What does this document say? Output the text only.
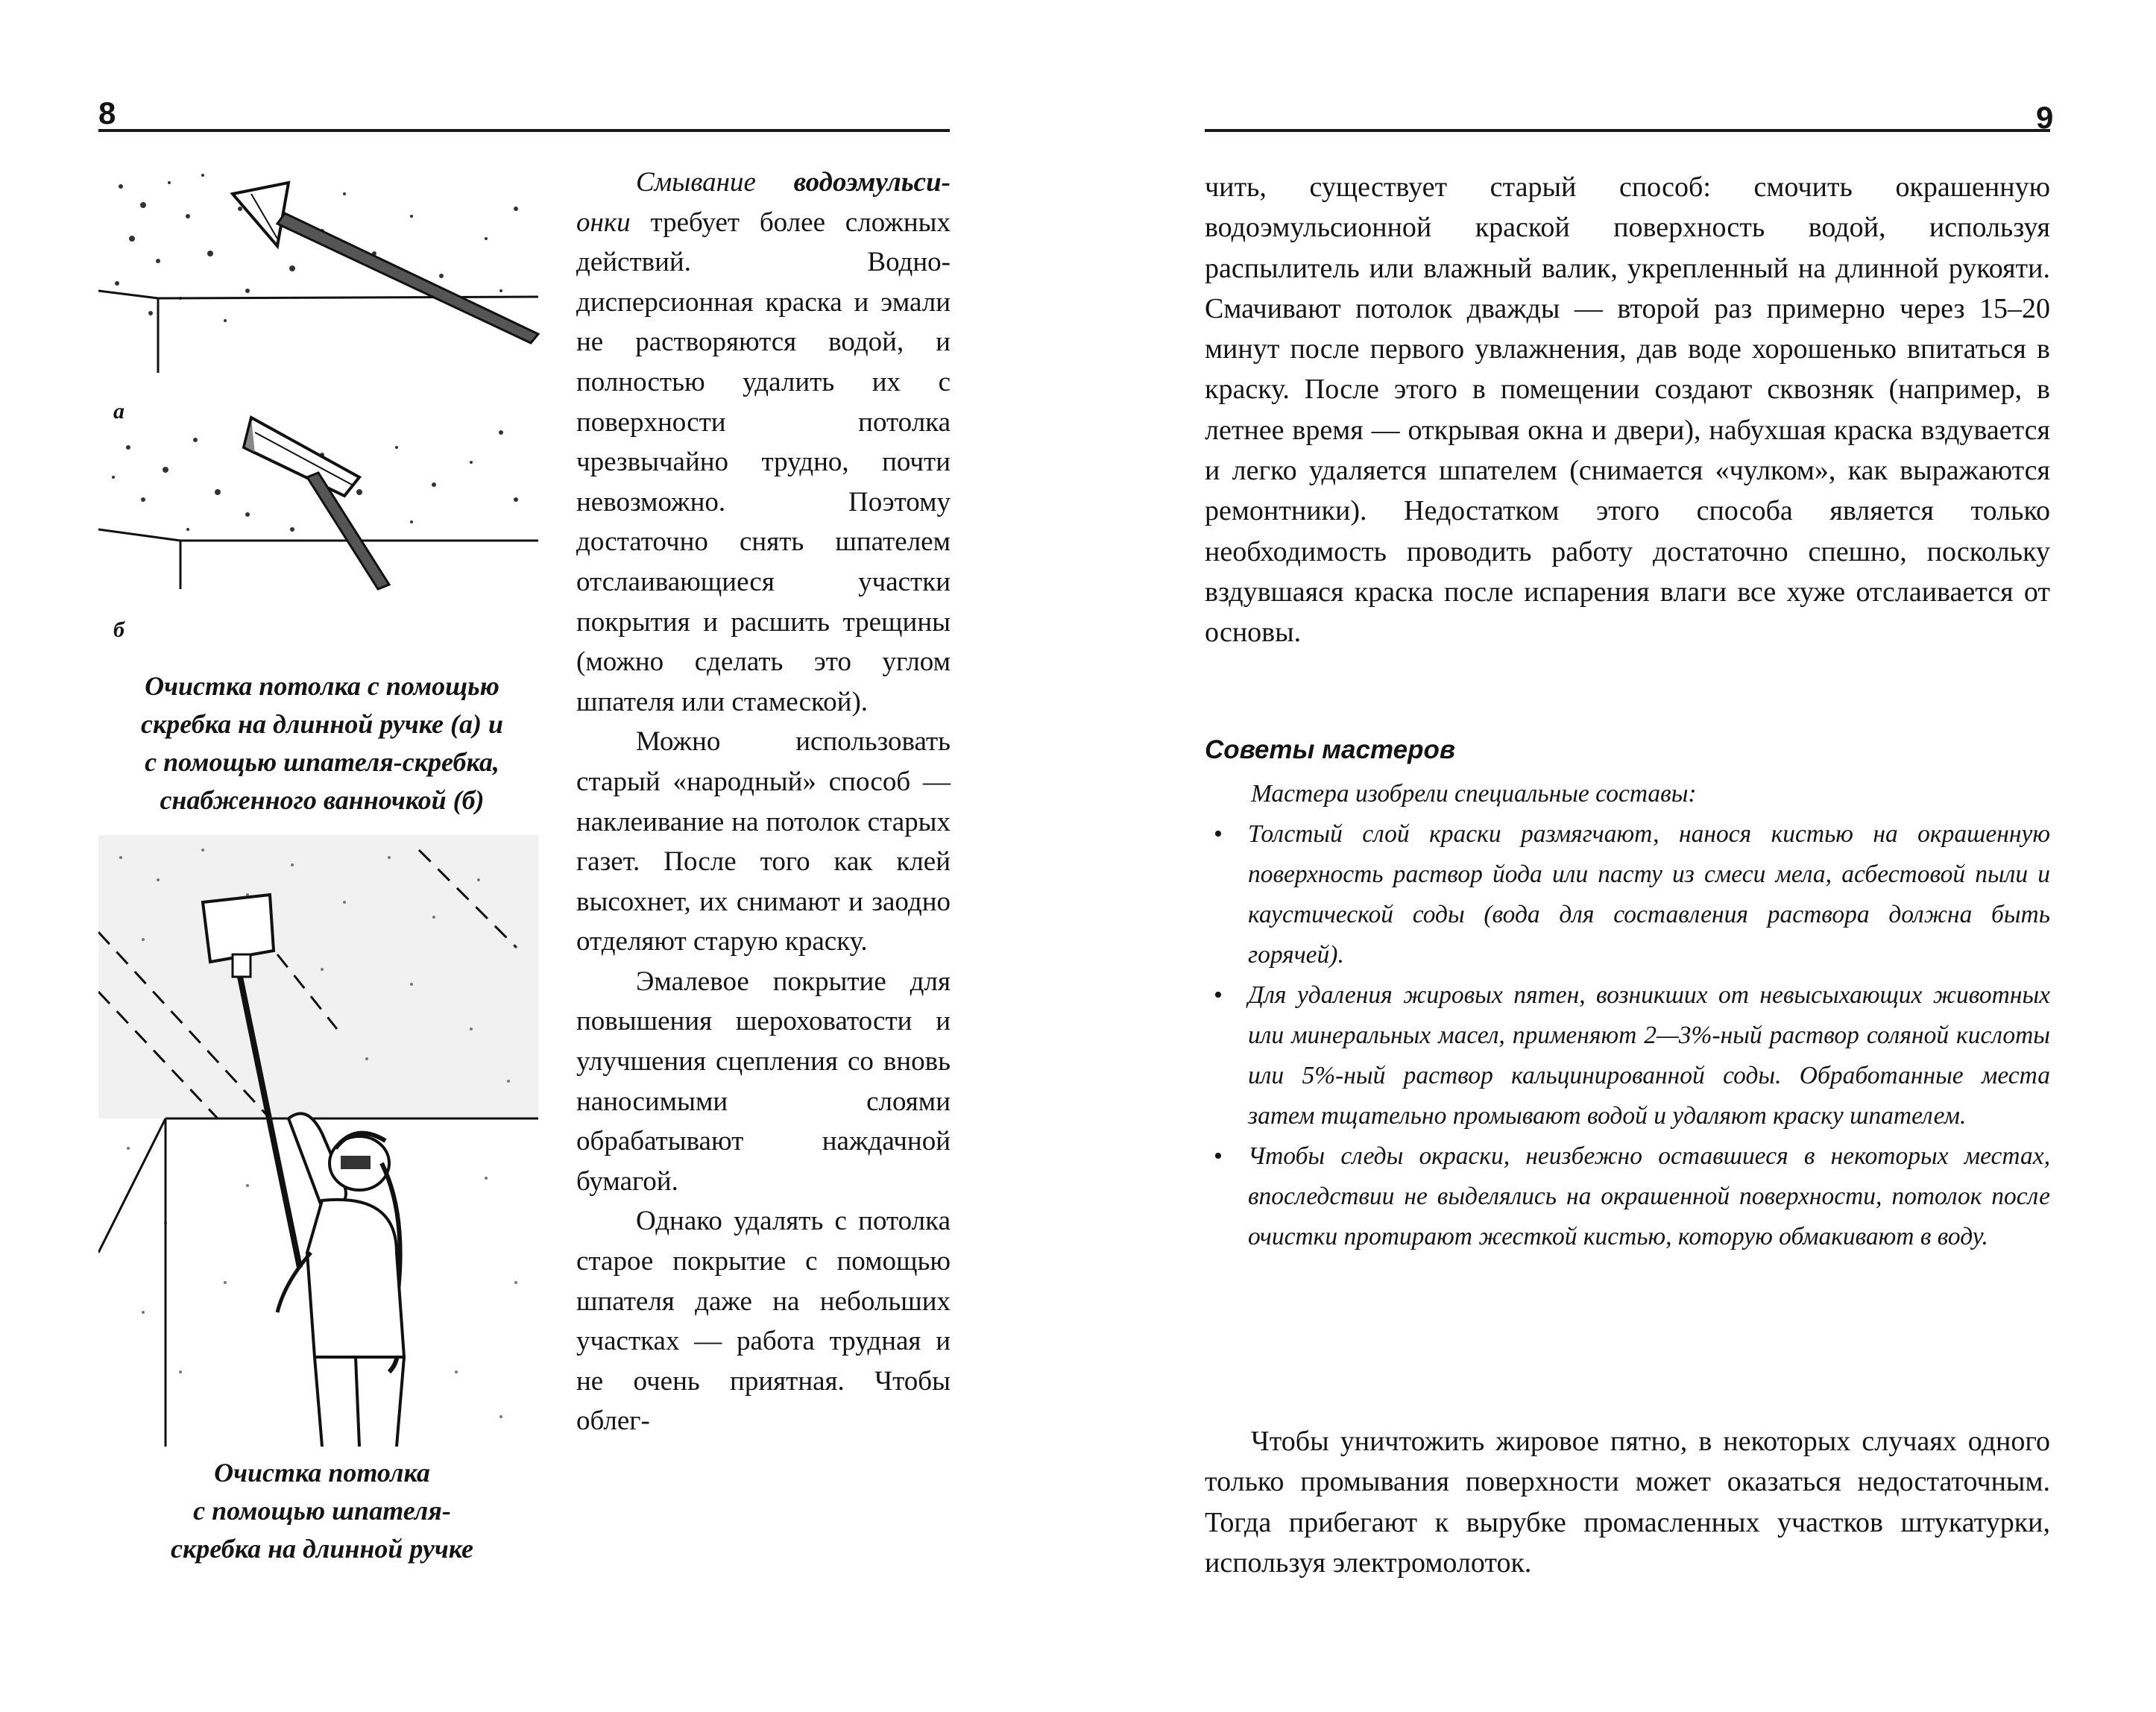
8
а
б
Очистка потолка с помощью
скребка на длинной ручке (а) и
с помощью шпателя-скребка,
снабженного ванночкой (б)
Очистка потолка
с помощью шпателя-
скребка на длинной ручке

Смывание водоэмульси-онки требует более сложных действий. Водно-дисперсионная краска и эмали не растворяются водой, и полностью удалить их с поверхности потолка чрезвычайно трудно, почти невозможно. Поэтому достаточно снять шпателем отслаивающиеся участки покрытия и расшить трещины (можно сделать это углом шпателя или стамеской).

Можно использовать старый «народный» способ — наклеивание на потолок старых газет. После того как клей высохнет, их снимают и заодно отделяют старую краску.

Эмалевое покрытие для повышения шероховатости и улучшения сцепления со вновь наносимыми слоями обрабатывают наждачной бумагой.

Однако удалять с потолка старое покрытие с помощью шпателя даже на небольших участках — работа трудная и не очень приятная. Чтобы облег-

9

чить, существует старый способ: смочить окрашенную водоэмульсионной краской поверхность водой, используя распылитель или влажный валик, укрепленный на длинной рукояти. Смачивают потолок дважды — второй раз примерно через 15–20 минут после первого увлажнения, дав воде хорошенько впитаться в краску. После этого в помещении создают сквозняк (например, в летнее время — открывая окна и двери), набухшая краска вздувается и легко удаляется шпателем (снимается «чулком», как выражаются ремонтники). Недостатком этого способа является только необходимость проводить работу достаточно спешно, поскольку вздувшаяся краска после испарения влаги все хуже отслаивается от основы.

Советы мастеров

Мастера изобрели специальные составы:

• Толстый слой краски размягчают, нанося кистью на окрашенную поверхность раствор йода или пасту из смеси мела, асбестовой пыли и каустической соды (вода для составления раствора должна быть горячей).
• Для удаления жировых пятен, возникших от невысыхающих животных или минеральных масел, применяют 2—3%-ный раствор соляной кислоты или 5%-ный раствор кальцинированной соды. Обработанные места затем тщательно промывают водой и удаляют краску шпателем.
• Чтобы следы окраски, неизбежно оставшиеся в некоторых местах, впоследствии не выделялись на окрашенной поверхности, потолок после очистки протирают жесткой кистью, которую обмакивают в воду.

Чтобы уничтожить жировое пятно, в некоторых случаях одного только промывания поверхности может оказаться недостаточным. Тогда прибегают к вырубке промасленных участков штукатурки, используя электромолоток.
